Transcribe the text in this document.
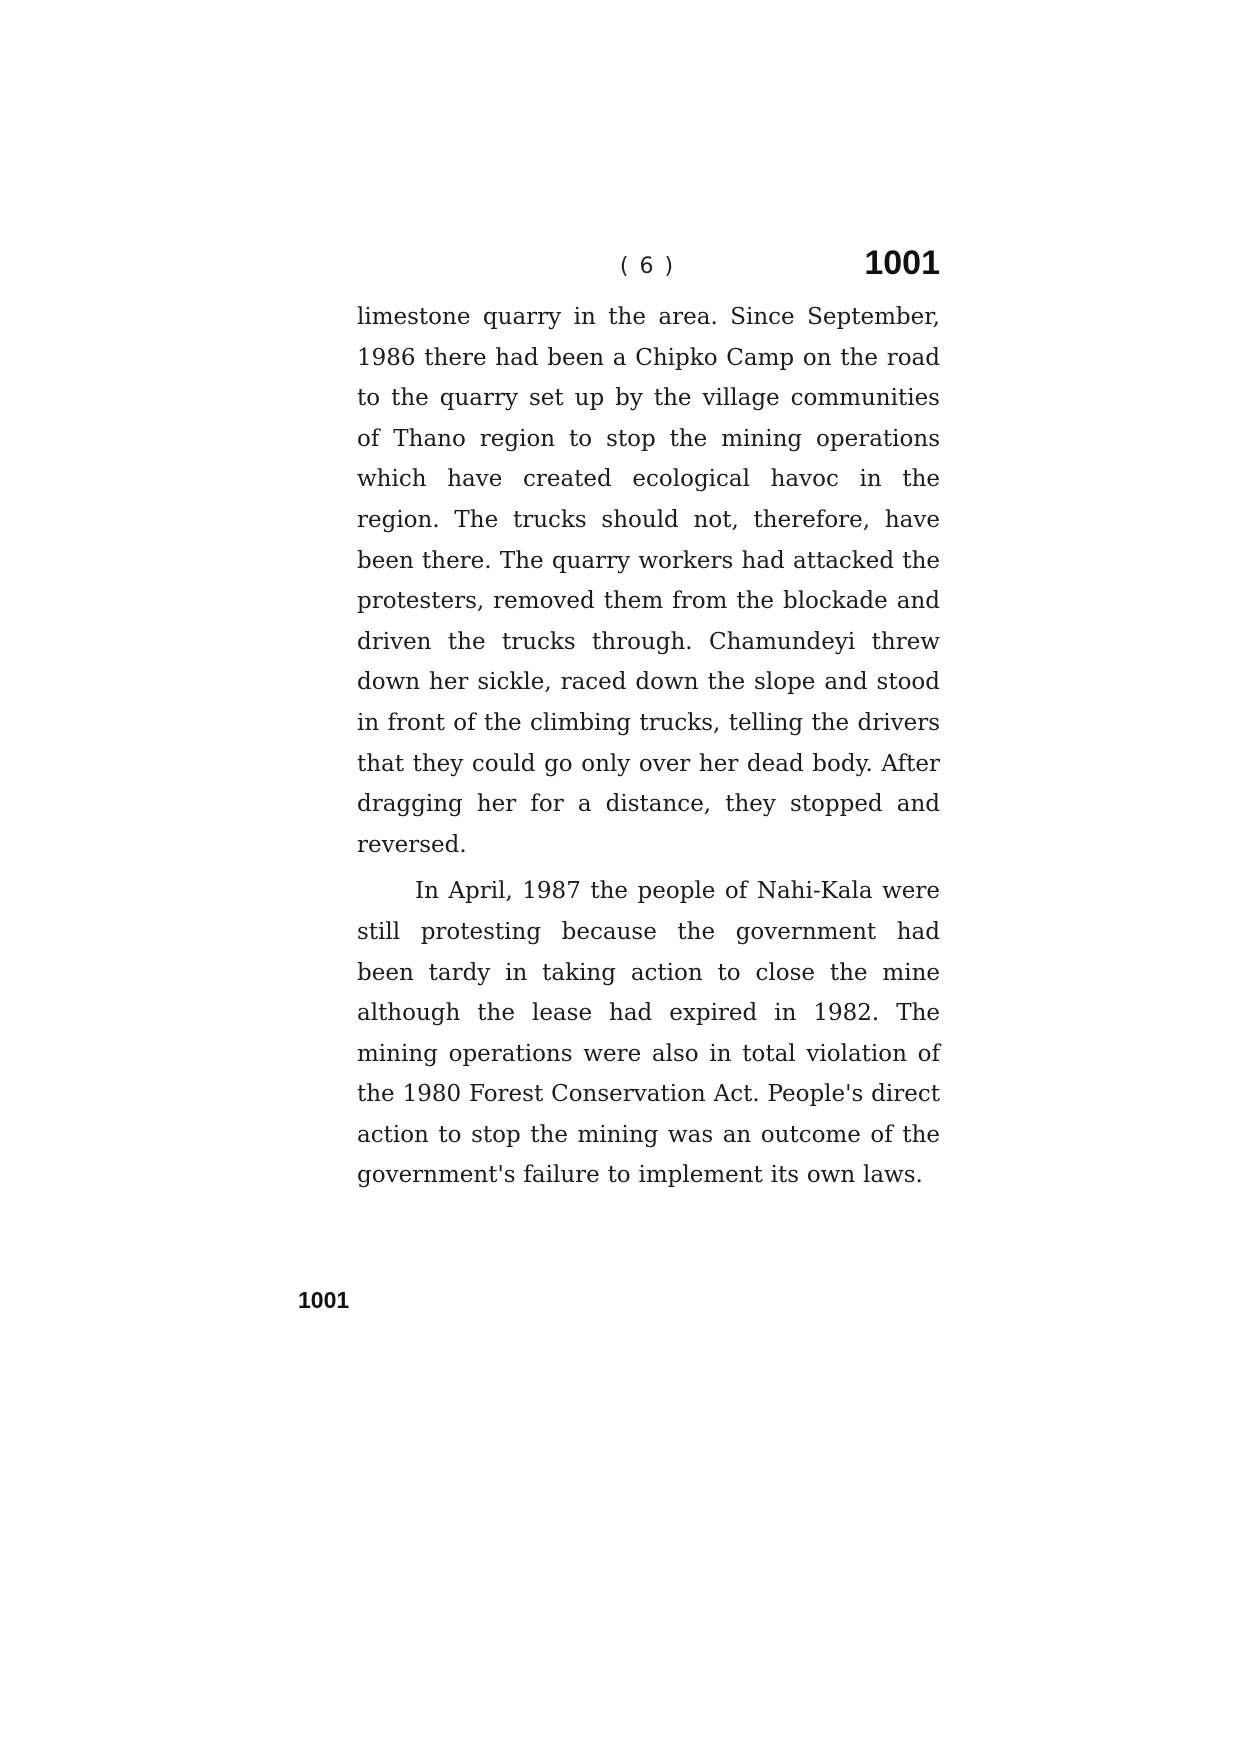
( 6 )	1001

limestone quarry in the area. Since September, 1986 there had been a Chipko Camp on the road to the quarry set up by the village communities of Thano region to stop the mining operations which have created ecological havoc in the region. The trucks should not, therefore, have been there. The quarry workers had attacked the protesters, removed them from the blockade and driven the trucks through. Chamundeyi threw down her sickle, raced down the slope and stood in front of the climbing trucks, telling the drivers that they could go only over her dead body. After dragging her for a distance, they stopped and reversed.

In April, 1987 the people of Nahi-Kala were still protesting because the government had been tardy in taking action to close the mine although the lease had expired in 1982. The mining operations were also in total violation of the 1980 Forest Conservation Act. People's direct action to stop the mining was an outcome of the government's failure to implement its own laws.

1001
